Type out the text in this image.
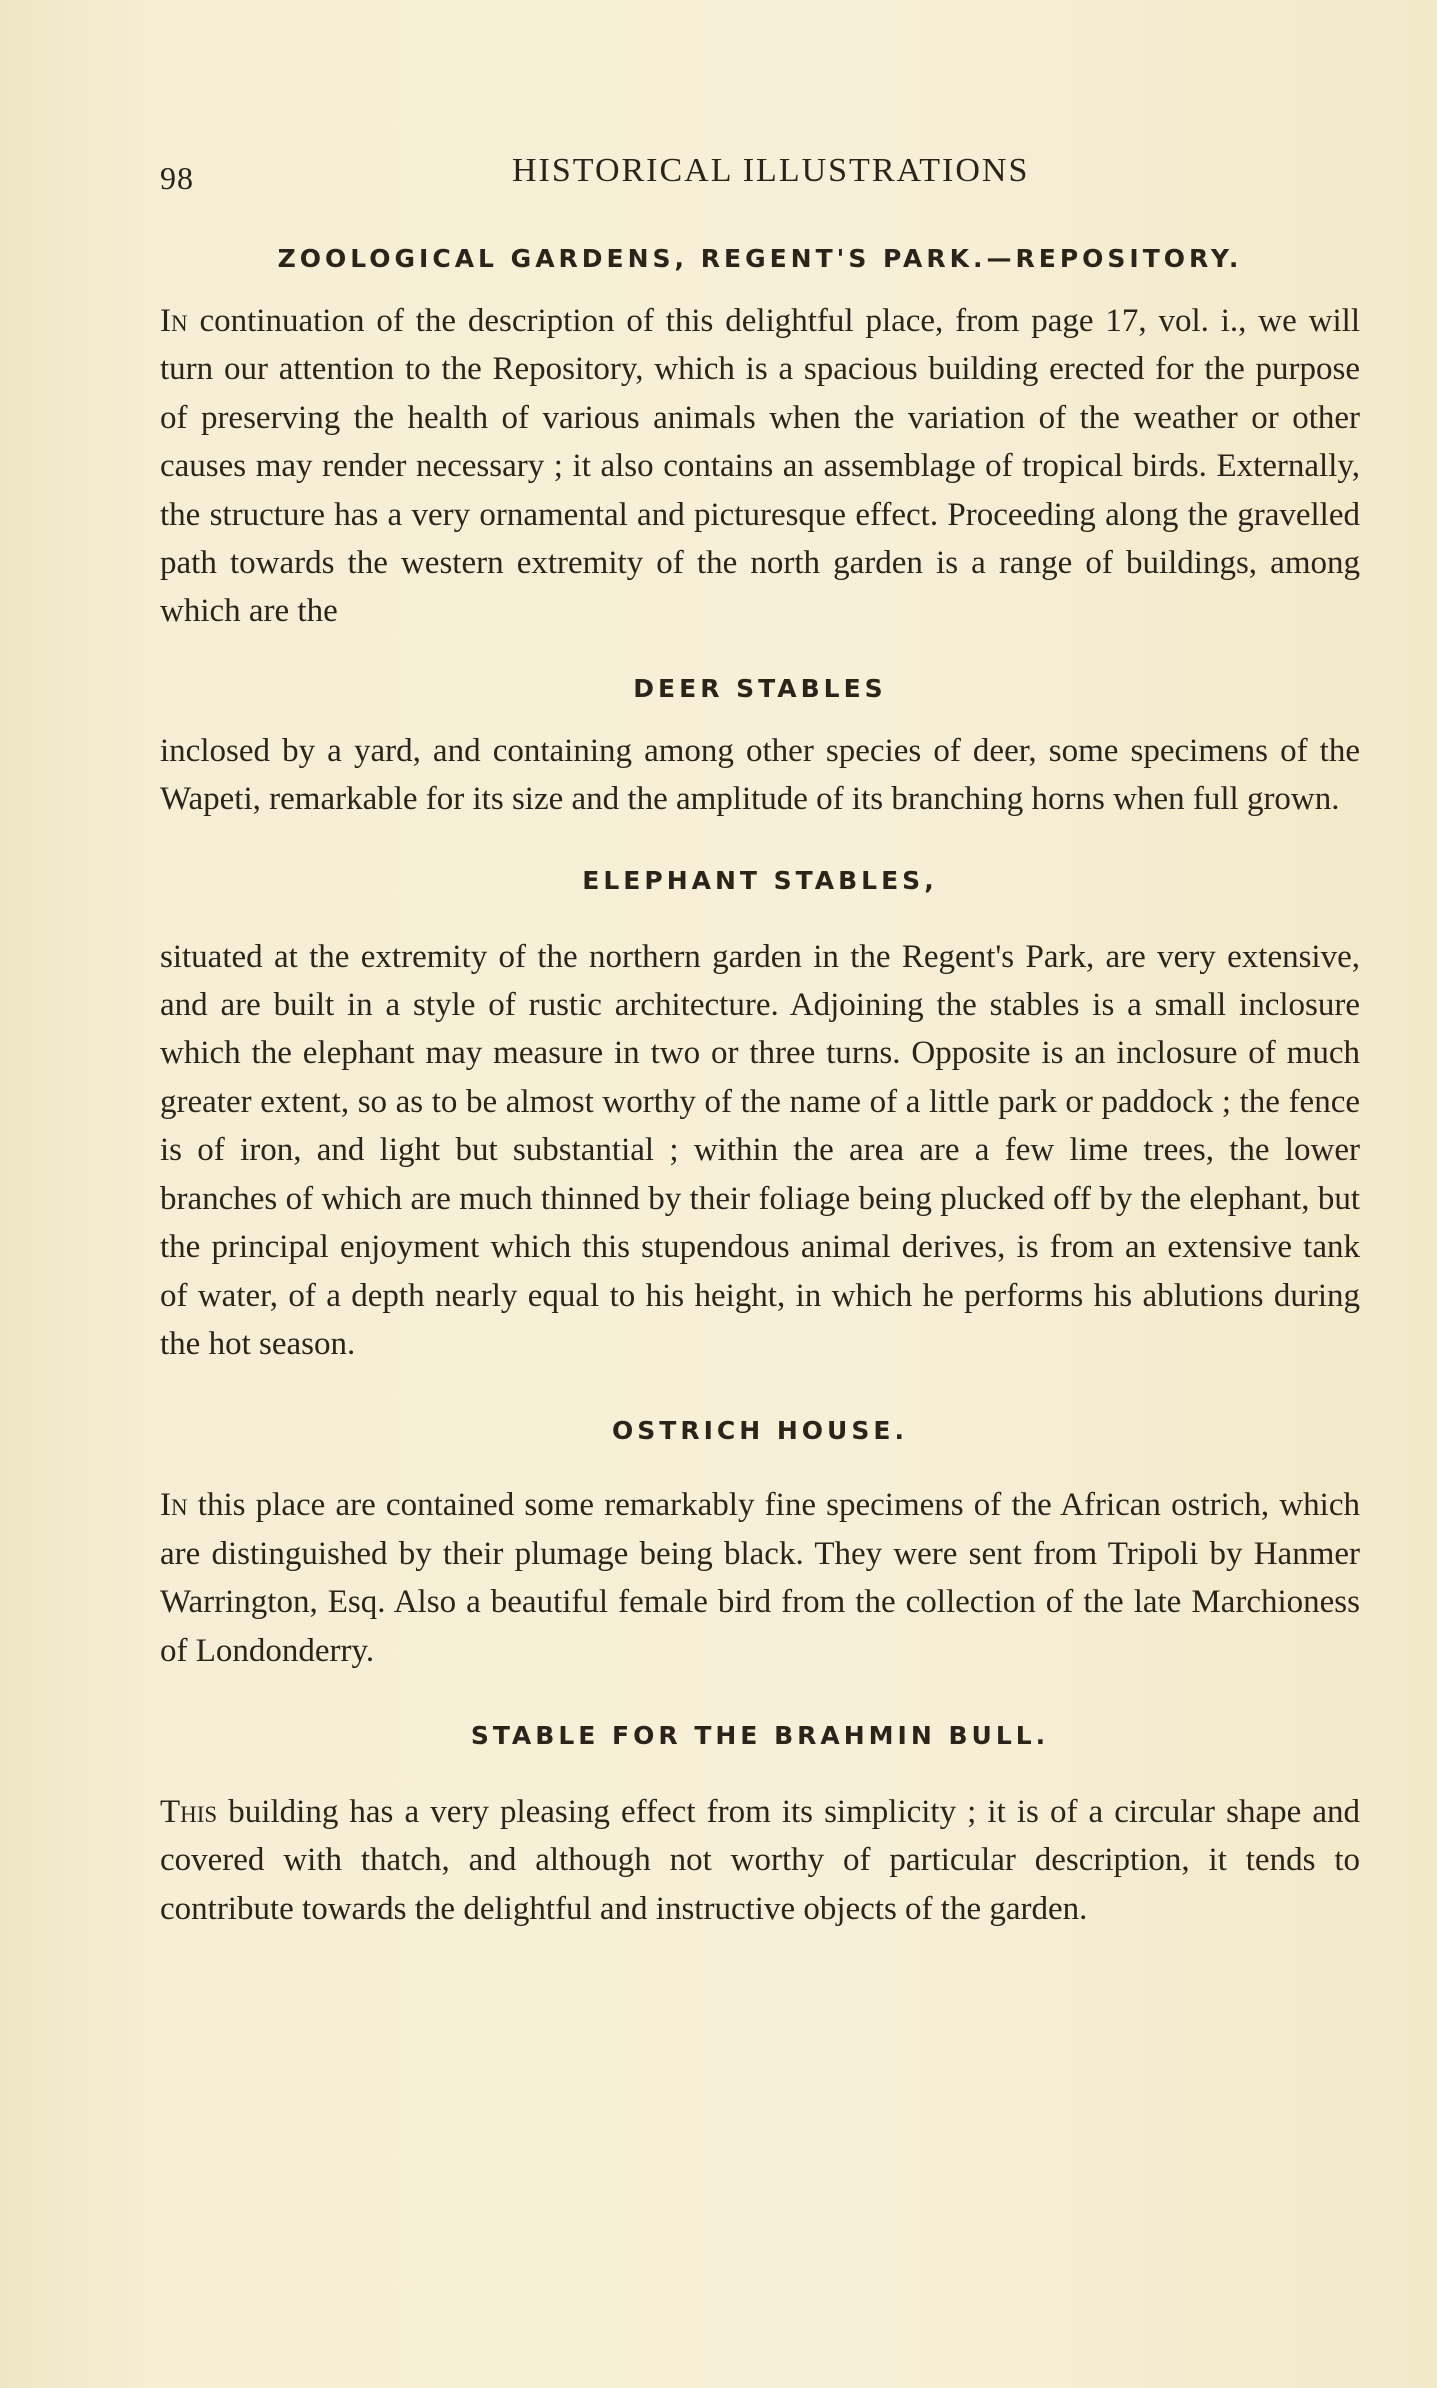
98	HISTORICAL ILLUSTRATIONS
ZOOLOGICAL GARDENS, REGENT'S PARK.—REPOSITORY.

In continuation of the description of this delightful place, from page 17, vol. i., we will turn our attention to the Repository, which is a spacious building erected for the purpose of preserving the health of various animals when the variation of the weather or other causes may render necessary ; it also contains an assemblage of tropical birds. Externally, the structure has a very ornamental and picturesque effect. Proceeding along the gravelled path towards the western extremity of the north garden is a range of buildings, among which are the

DEER STABLES

inclosed by a yard, and containing among other species of deer, some specimens of the Wapeti, remarkable for its size and the amplitude of its branching horns when full grown.

ELEPHANT STABLES,

situated at the extremity of the northern garden in the Regent's Park, are very extensive, and are built in a style of rustic architecture. Adjoining the stables is a small inclosure which the elephant may measure in two or three turns. Opposite is an inclosure of much greater extent, so as to be almost worthy of the name of a little park or paddock ; the fence is of iron, and light but substantial ; within the area are a few lime trees, the lower branches of which are much thinned by their foliage being plucked off by the elephant, but the principal enjoyment which this stupendous animal derives, is from an extensive tank of water, of a depth nearly equal to his height, in which he performs his ablutions during the hot season.

OSTRICH HOUSE.

In this place are contained some remarkably fine specimens of the African ostrich, which are distinguished by their plumage being black. They were sent from Tripoli by Hanmer Warrington, Esq. Also a beautiful female bird from the collection of the late Marchioness of Londonderry.

STABLE FOR THE BRAHMIN BULL.

This building has a very pleasing effect from its simplicity ; it is of a circular shape and covered with thatch, and although not worthy of particular description, it tends to contribute towards the delightful and instructive objects of the garden.
